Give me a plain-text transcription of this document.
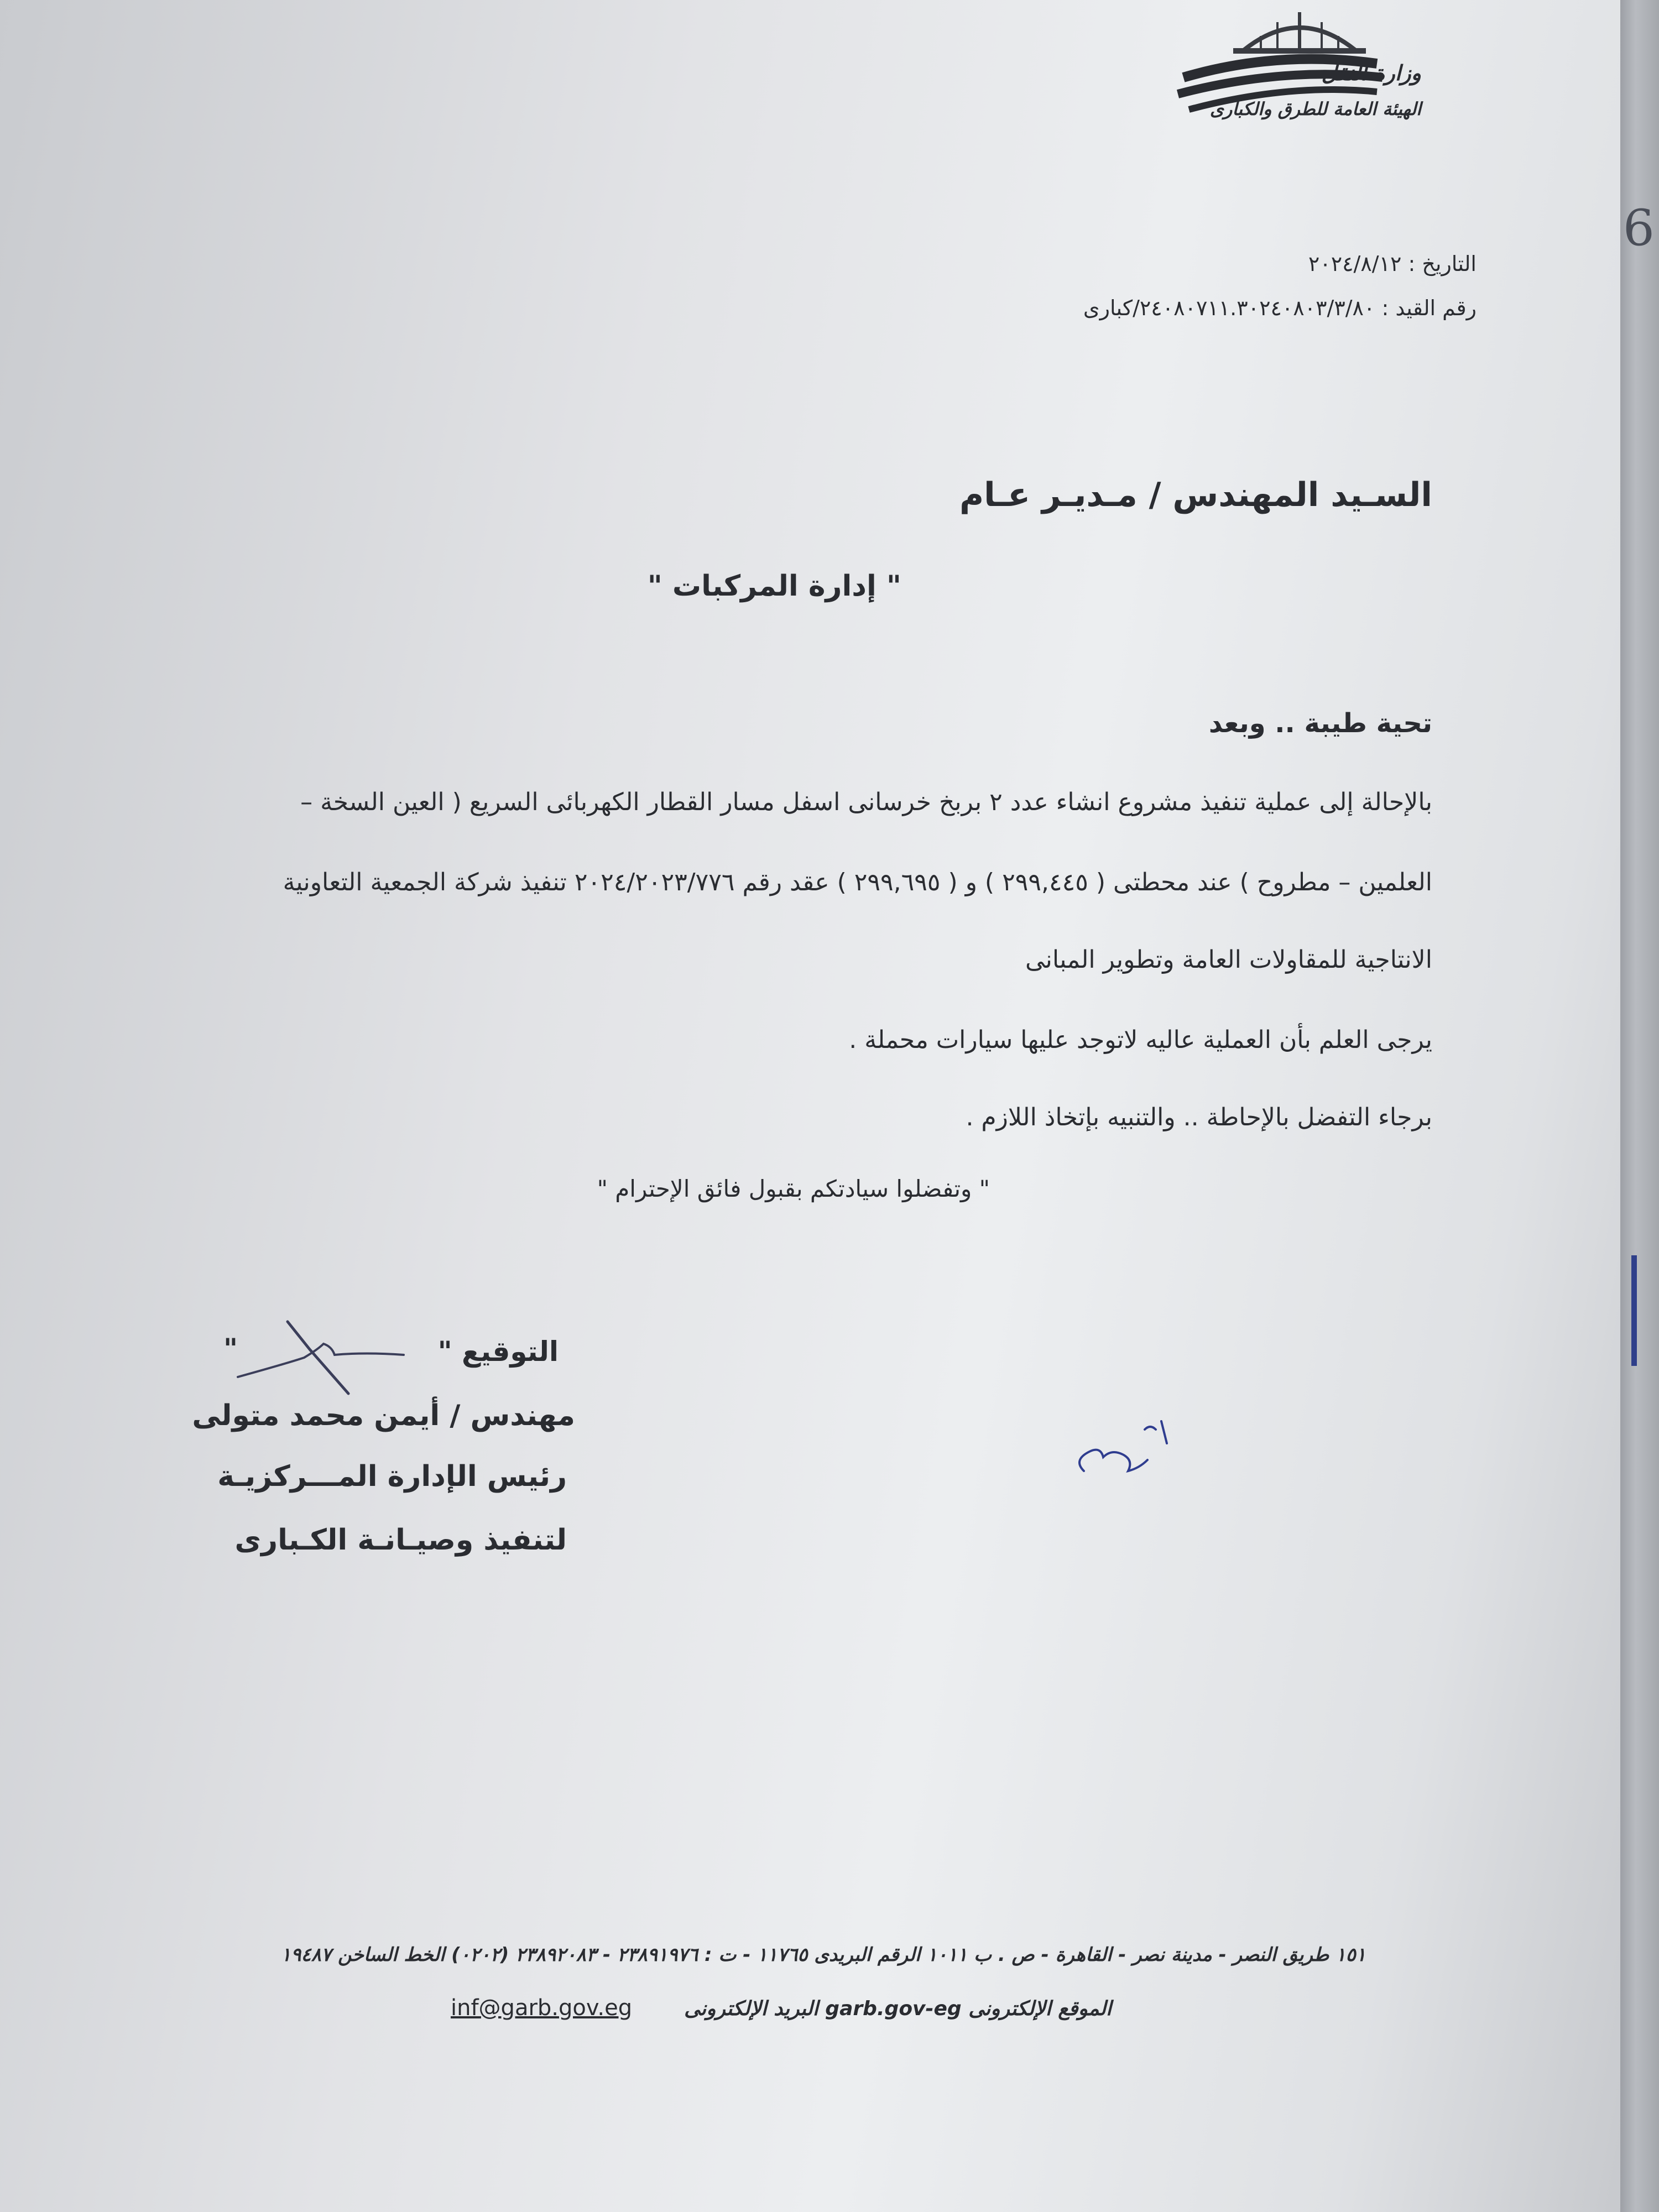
6
وزارة النقل
الهيئة العامة للطرق والكبارى
التاريخ : ٢٠٢٤/٨/١٢
رقم القيد : ٢٤٠٨٠٧١١.٣٠٢٤٠٨٠٣/٣/٨٠/كبارى
السـيد المهندس / مـديـر عـام
" إدارة المركبات "
تحية طيبة .. وبعد
بالإحالة إلى عملية تنفيذ مشروع انشاء عدد ٢ بربخ خرسانى اسفل مسار القطار الكهربائى السريع ( العين السخة –
العلمين – مطروح ) عند محطتى ( ٢٩٩,٤٤٥ ) و ( ٢٩٩,٦٩٥ ) عقد رقم ٢٠٢٤/٢٠٢٣/٧٧٦ تنفيذ شركة الجمعية التعاونية
الانتاجية للمقاولات العامة وتطوير المبانى
يرجى العلم بأن العملية عاليه لاتوجد عليها سيارات محملة .
برجاء التفضل بالإحاطة .. والتنبيه بإتخاذ اللازم .
" وتفضلوا سيادتكم بقبول فائق الإحترام "
التوقيع "
"
مهندس / أيمن محمد متولى
رئيس الإدارة المـــركزيـة
لتنفيذ وصيـانـة الكـبارى
١٥١ طريق النصر - مدينة نصر - القاهرة - ص . ب ١٠١١ الرقم البريدى ١١٧٦٥ - ت : ٢٣٨٩١٩٧٦ - ٢٣٨٩٢٠٨٣ (٠٢٠٢) الخط الساخن ١٩٤٨٧
الموقع الإلكترونى garb.gov-eg البريد الإلكترونى
inf@garb.gov.eg
